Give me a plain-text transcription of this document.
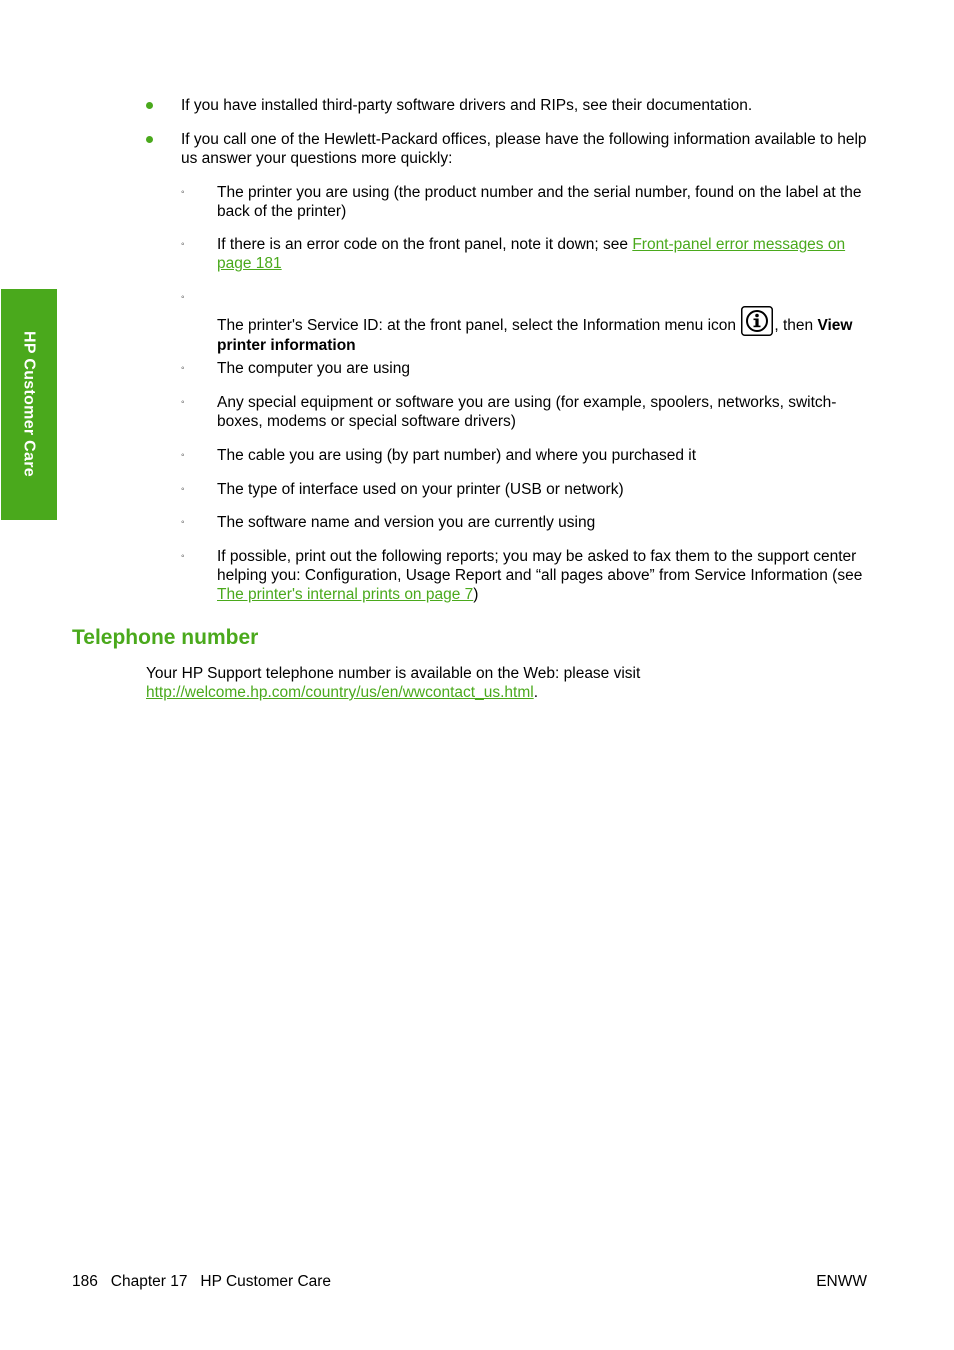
HP Customer Care
If you have installed third-party software drivers and RIPs, see their documentation.
If you call one of the Hewlett-Packard offices, please have the following information available to help us answer your questions more quickly:
◦	The printer you are using (the product number and the serial number, found on the label at the back of the printer)
◦	If there is an error code on the front panel, note it down; see Front-panel error messages on page 181
◦
The printer's Service ID: at the front panel, select the Information menu icon , then View printer information
◦	The computer you are using
◦	Any special equipment or software you are using (for example, spoolers, networks, switch-boxes, modems or special software drivers)
◦	The cable you are using (by part number) and where you purchased it
◦	The type of interface used on your printer (USB or network)
◦	The software name and version you are currently using
◦	If possible, print out the following reports; you may be asked to fax them to the support center helping you: Configuration, Usage Report and “all pages above” from Service Information (see The printer's internal prints on page 7)
Telephone number
Your HP Support telephone number is available on the Web: please visit http://welcome.hp.com/country/us/en/wwcontact_us.html.
186   Chapter 17   HP Customer Care	ENWW
